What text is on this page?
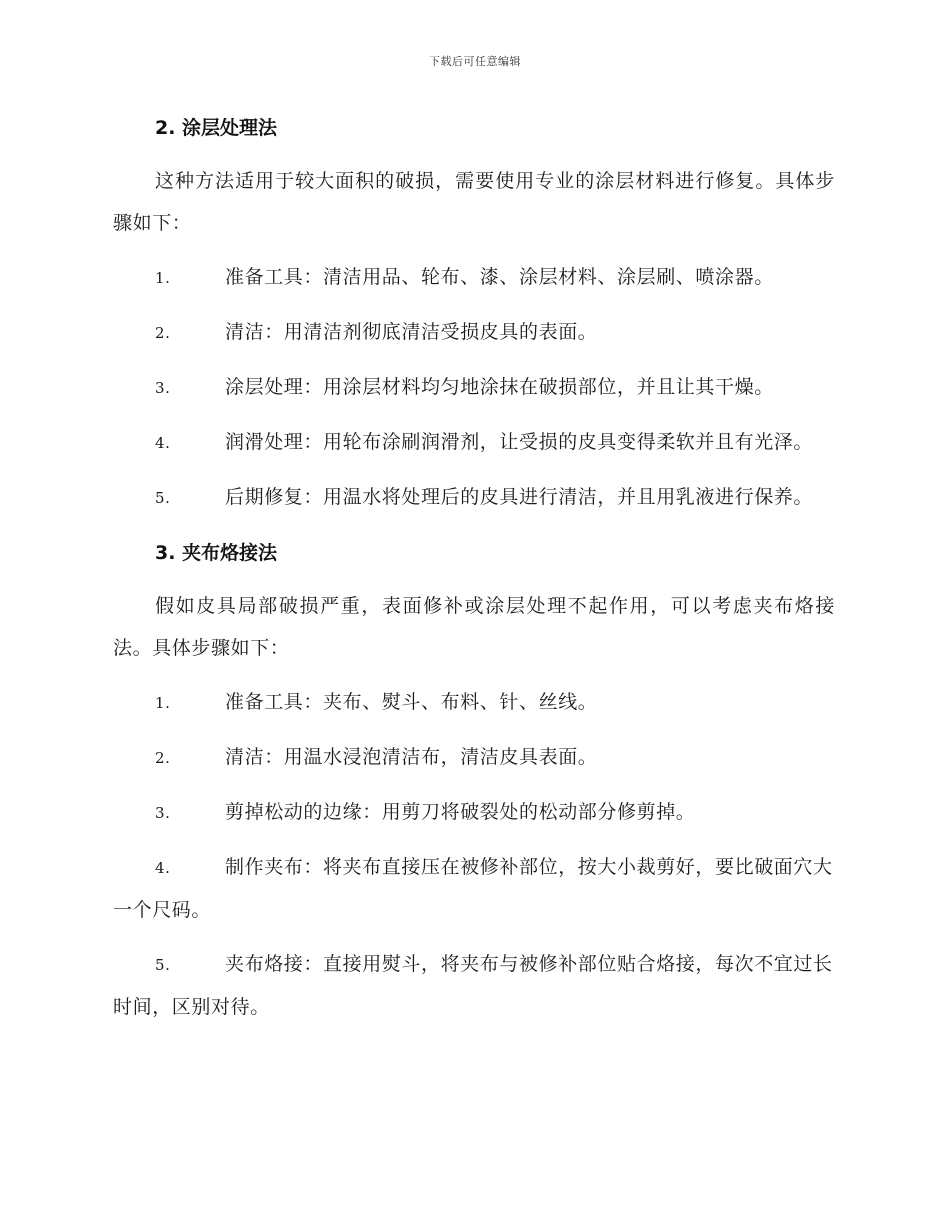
下载后可任意编辑
2. 涂层处理法

这种方法适用于较大面积的破损，需要使用专业的涂层材料进行修复。具体步骤如下：

1.	准备工具：清洁用品、轮布、漆、涂层材料、涂层刷、喷涂器。
2.	清洁：用清洁剂彻底清洁受损皮具的表面。
3.	涂层处理：用涂层材料均匀地涂抹在破损部位，并且让其干燥。
4.	润滑处理：用轮布涂刷润滑剂，让受损的皮具变得柔软并且有光泽。
5.	后期修复：用温水将处理后的皮具进行清洁，并且用乳液进行保养。
3. 夹布烙接法

假如皮具局部破损严重，表面修补或涂层处理不起作用，可以考虑夹布烙接法。具体步骤如下：

1.	准备工具：夹布、熨斗、布料、针、丝线。
2.	清洁：用温水浸泡清洁布，清洁皮具表面。
3.	剪掉松动的边缘：用剪刀将破裂处的松动部分修剪掉。
4.	制作夹布：将夹布直接压在被修补部位，按大小裁剪好，要比破面穴大一个尺码。
5.	夹布烙接：直接用熨斗，将夹布与被修补部位贴合烙接，每次不宜过长时间，区别对待。
